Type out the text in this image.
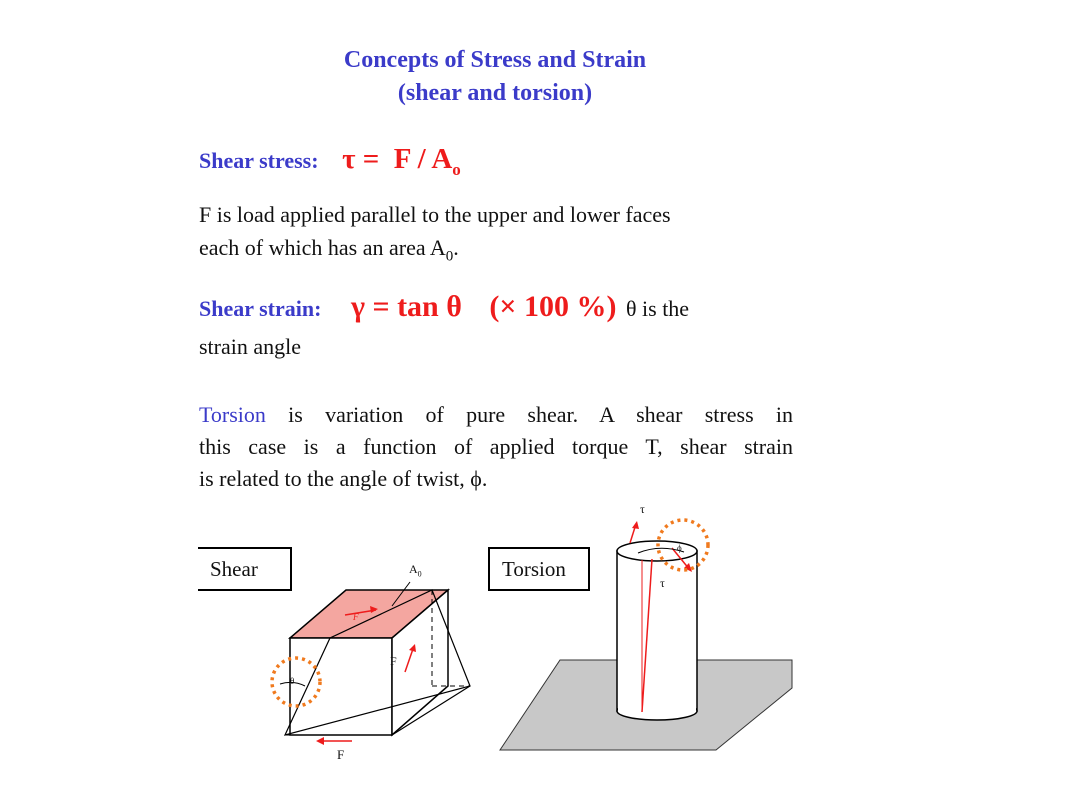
Concepts of Stress and Strain
(shear and torsion)
Shear stress: $\tau = F / A_o$
F is load applied parallel to the upper and lower faces
each of which has an area $A_0$.
Shear strain: γ = tan θ (× 100 %) θ is the
strain angle
Torsion is variation of pure shear. A shear stress in
this case is a function of applied torque T, shear strain
is related to the angle of twist, ϕ.
Shear	Torsion
$A_0$
F
F
F
θ
τ
τ
ϕ
